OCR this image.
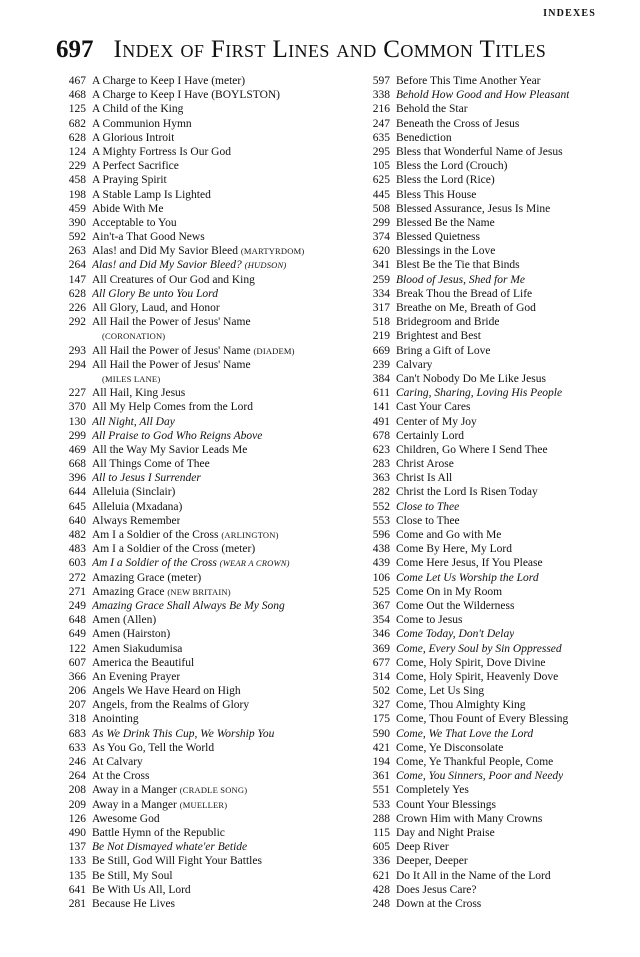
INDEXES
697 Index of First Lines and Common Titles
467 A Charge to Keep I Have (meter)
468 A Charge to Keep I Have (BOYLSTON)
125 A Child of the King
682 A Communion Hymn
628 A Glorious Introit
124 A Mighty Fortress Is Our God
229 A Perfect Sacrifice
458 A Praying Spirit
198 A Stable Lamp Is Lighted
459 Abide With Me
390 Acceptable to You
592 Ain't-a That Good News
263 Alas! and Did My Savior Bleed (MARTYRDOM)
264 Alas! and Did My Savior Bleed? (HUDSON)
147 All Creatures of Our God and King
628 All Glory Be unto You Lord
226 All Glory, Laud, and Honor
292 All Hail the Power of Jesus' Name
(CORONATION)
293 All Hail the Power of Jesus' Name (DIADEM)
294 All Hail the Power of Jesus' Name
(MILES LANE)
227 All Hail, King Jesus
370 All My Help Comes from the Lord
130 All Night, All Day
299 All Praise to God Who Reigns Above
469 All the Way My Savior Leads Me
668 All Things Come of Thee
396 All to Jesus I Surrender
644 Alleluia (Sinclair)
645 Alleluia (Mxadana)
640 Always Remember
482 Am I a Soldier of the Cross (ARLINGTON)
483 Am I a Soldier of the Cross (meter)
603 Am I a Soldier of the Cross (WEAR A CROWN)
272 Amazing Grace (meter)
271 Amazing Grace (NEW BRITAIN)
249 Amazing Grace Shall Always Be My Song
648 Amen (Allen)
649 Amen (Hairston)
122 Amen Siakudumisa
607 America the Beautiful
366 An Evening Prayer
206 Angels We Have Heard on High
207 Angels, from the Realms of Glory
318 Anointing
683 As We Drink This Cup, We Worship You
633 As You Go, Tell the World
246 At Calvary
264 At the Cross
208 Away in a Manger (CRADLE SONG)
209 Away in a Manger (MUELLER)
126 Awesome God
490 Battle Hymn of the Republic
137 Be Not Dismayed whate'er Betide
133 Be Still, God Will Fight Your Battles
135 Be Still, My Soul
641 Be With Us All, Lord
281 Because He Lives
597 Before This Time Another Year
338 Behold How Good and How Pleasant
216 Behold the Star
247 Beneath the Cross of Jesus
635 Benediction
295 Bless that Wonderful Name of Jesus
105 Bless the Lord (Crouch)
625 Bless the Lord (Rice)
445 Bless This House
508 Blessed Assurance, Jesus Is Mine
299 Blessed Be the Name
374 Blessed Quietness
620 Blessings in the Love
341 Blest Be the Tie that Binds
259 Blood of Jesus, Shed for Me
334 Break Thou the Bread of Life
317 Breathe on Me, Breath of God
518 Bridegroom and Bride
219 Brightest and Best
669 Bring a Gift of Love
239 Calvary
384 Can't Nobody Do Me Like Jesus
611 Caring, Sharing, Loving His People
141 Cast Your Cares
491 Center of My Joy
678 Certainly Lord
623 Children, Go Where I Send Thee
283 Christ Arose
363 Christ Is All
282 Christ the Lord Is Risen Today
552 Close to Thee
553 Close to Thee
596 Come and Go with Me
438 Come By Here, My Lord
439 Come Here Jesus, If You Please
106 Come Let Us Worship the Lord
525 Come On in My Room
367 Come Out the Wilderness
354 Come to Jesus
346 Come Today, Don't Delay
369 Come, Every Soul by Sin Oppressed
677 Come, Holy Spirit, Dove Divine
314 Come, Holy Spirit, Heavenly Dove
502 Come, Let Us Sing
327 Come, Thou Almighty King
175 Come, Thou Fount of Every Blessing
590 Come, We That Love the Lord
421 Come, Ye Disconsolate
194 Come, Ye Thankful People, Come
361 Come, You Sinners, Poor and Needy
551 Completely Yes
533 Count Your Blessings
288 Crown Him with Many Crowns
115 Day and Night Praise
605 Deep River
336 Deeper, Deeper
621 Do It All in the Name of the Lord
428 Does Jesus Care?
248 Down at the Cross
